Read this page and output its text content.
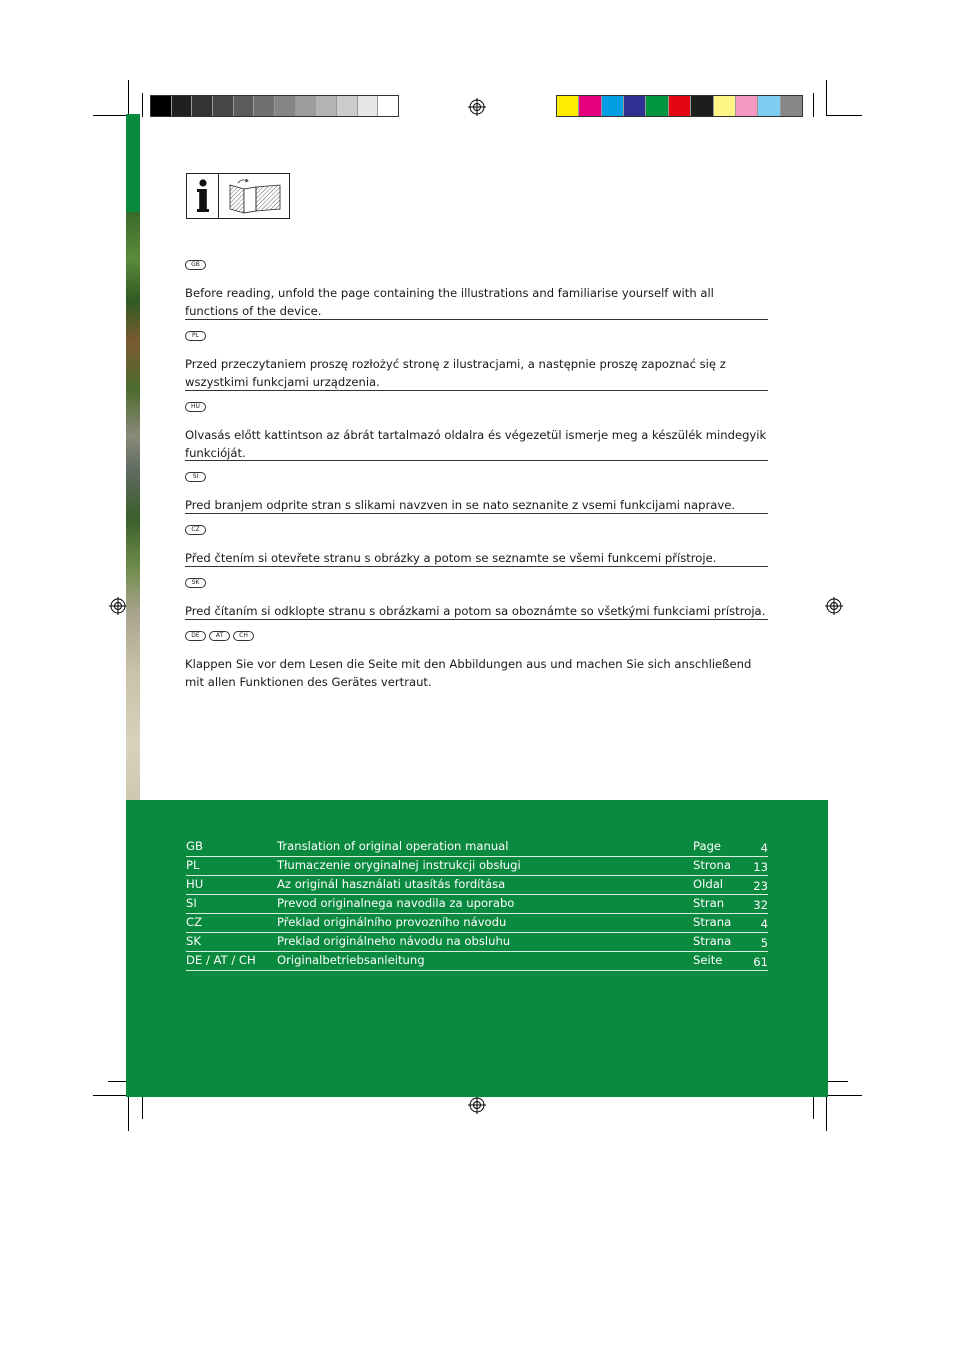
GB

Before reading, unfold the page containing the illustrations and familiarise yourself with all functions of the device.

PL

Przed przeczytaniem proszę rozłożyć stronę z ilustracjami, a następnie proszę zapoznać się z wszystkimi funkcjami urządzenia.

HU

Olvasás előtt kattintson az ábrát tartalmazó oldalra és végezetül ismerje meg a készülék mindegyik funkcióját.

SI

Pred branjem odprite stran s slikami navzven in se nato seznanite z vsemi funkcijami naprave.

CZ

Před čtením si otevřete stranu s obrázky a potom se seznamte se všemi funkcemi přístroje.

SK

Pred čítaním si odklopte stranu s obrázkami a potom sa oboznámte so všetkými funkciami prístroja.

DE	AT	CH

Klappen Sie vor dem Lesen die Seite mit den Abbildungen aus und machen Sie sich anschließend mit allen Funktionen des Gerätes vertraut.

GB	Translation of original operation manual	Page	4
PL	Tłumaczenie oryginalnej instrukcji obsługi	Strona	13
HU	Az originál használati utasítás fordítása	Oldal	23
SI	Prevod originalnega navodila za uporabo	Stran	32
CZ	Překlad originálního provozního návodu	Strana	4
SK	Preklad originálneho návodu na obsluhu	Strana	5
DE / AT / CH	Originalbetriebsanleitung	Seite	61
